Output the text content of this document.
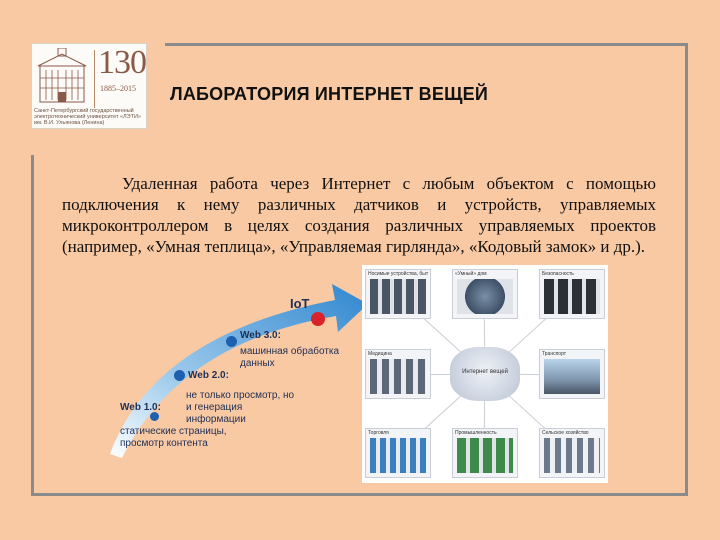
130
1885–2015
Санкт-Петербургский государственный электротехнический университет «ЛЭТИ» им. В.И. Ульянова (Ленина)
ЛАБОРАТОРИЯ ИНТЕРНЕТ ВЕЩЕЙ
Удаленная работа через Интернет с любым объектом с помощью подключения к нему различных датчиков и устройств, управляемых микроконтроллером в целях создания различных управляемых проектов (например, «Умная теплица», «Управляемая гирлянда», «Кодовый замок» и др.).
IoT
Web 3.0:
машинная обработка данных
Web 2.0:
не только просмотр, но и генерация информации
Web 1.0:
статические страницы, просмотр контента
Интернет вещей
Носимые устройства, быт	«Умный» дом	Безопасность
Медицина	Транспорт
Торговля	Промышленность	Сельское хозяйство
